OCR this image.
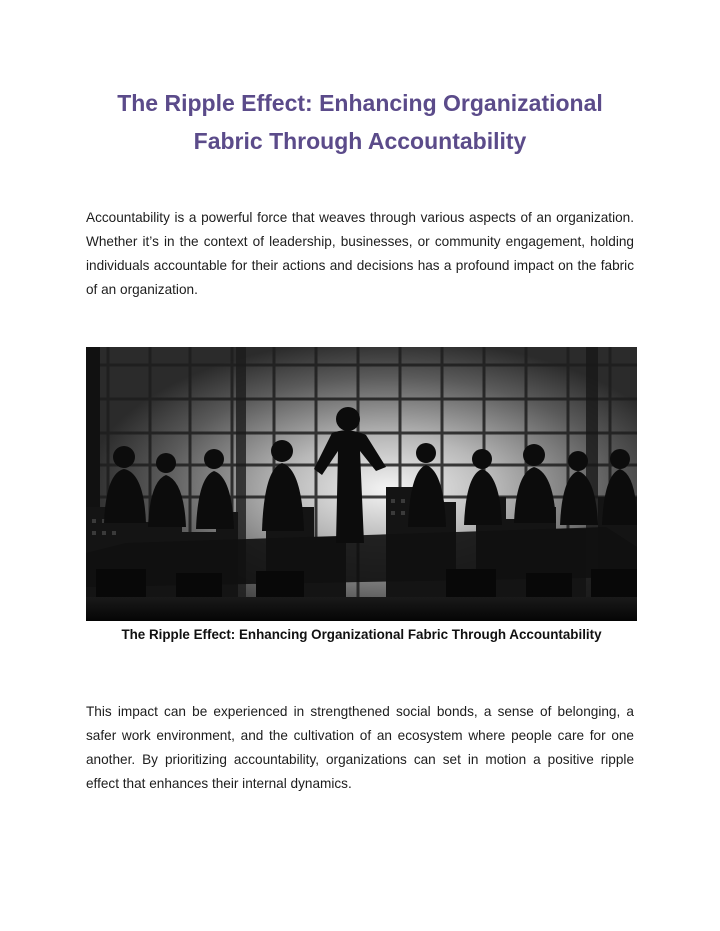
The Ripple Effect: Enhancing Organizational
Fabric Through Accountability

Accountability is a powerful force that weaves through various aspects of an organization. Whether it’s in the context of leadership, businesses, or community engagement, holding individuals accountable for their actions and decisions has a profound impact on the fabric of an organization.

The Ripple Effect: Enhancing Organizational Fabric Through Accountability

This impact can be experienced in strengthened social bonds, a sense of belonging, a safer work environment, and the cultivation of an ecosystem where people care for one another. By prioritizing accountability, organizations can set in motion a positive ripple effect that enhances their internal dynamics.
